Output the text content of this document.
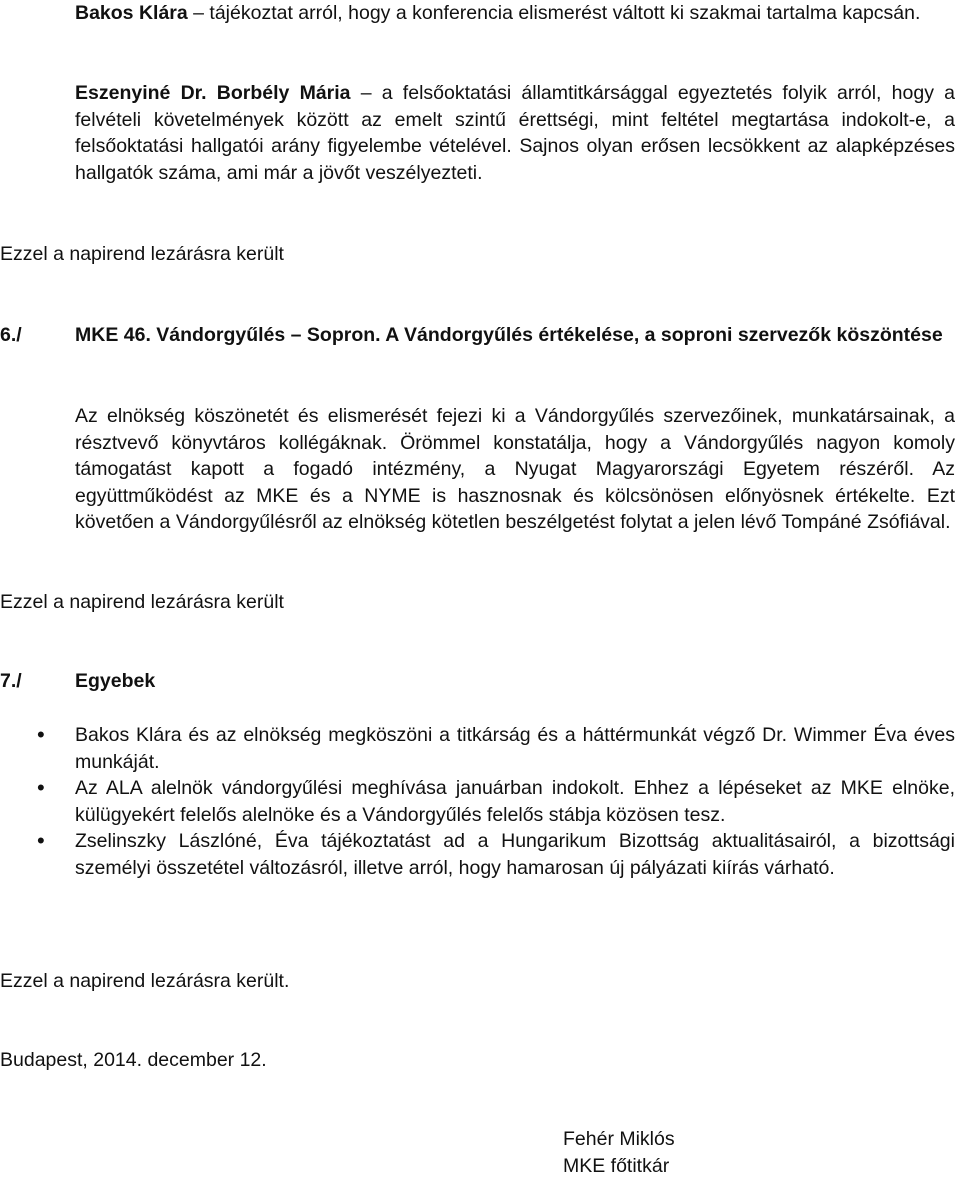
Bakos Klára – tájékoztat arról, hogy a konferencia elismerést váltott ki szakmai tartalma kapcsán.
Eszenyiné Dr. Borbély Mária – a felsőoktatási államtitkársággal egyeztetés folyik arról, hogy a felvételi követelmények között az emelt szintű érettségi, mint feltétel megtartása indokolt-e, a felsőoktatási hallgatói arány figyelembe vételével. Sajnos olyan erősen lecsökkent az alapképzéses hallgatók száma, ami már a jövőt veszélyezteti.
Ezzel a napirend lezárásra került
6./	MKE 46. Vándorgyűlés – Sopron. A Vándorgyűlés értékelése, a soproni szervezők köszöntése
Az elnökség köszönetét és elismerését fejezi ki a Vándorgyűlés szervezőinek, munkatársainak, a résztvevő könyvtáros kollégáknak. Örömmel konstatálja, hogy a Vándorgyűlés nagyon komoly támogatást kapott a fogadó intézmény, a Nyugat Magyarországi Egyetem részéről. Az együttműködést az MKE és a NYME is hasznosnak és kölcsönösen előnyösnek értékelte. Ezt követően a Vándorgyűlésről az elnökség kötetlen beszélgetést folytat a jelen lévő Tompáné Zsófiával.
Ezzel a napirend lezárásra került
7./	Egyebek
• Bakos Klára és az elnökség megköszöni a titkárság és a háttérmunkát végző Dr. Wimmer Éva éves munkáját.
• Az ALA alelnök vándorgyűlési meghívása januárban indokolt. Ehhez a lépéseket az MKE elnöke, külügyekért felelős alelnöke és a Vándorgyűlés felelős stábja közösen tesz.
• Zselinszky Lászlóné, Éva tájékoztatást ad a Hungarikum Bizottság aktualitásairól, a bizottsági személyi összetétel változásról, illetve arról, hogy hamarosan új pályázati kiírás várható.
Ezzel a napirend lezárásra került.
Budapest, 2014. december 12.
Fehér Miklós
MKE főtitkár
